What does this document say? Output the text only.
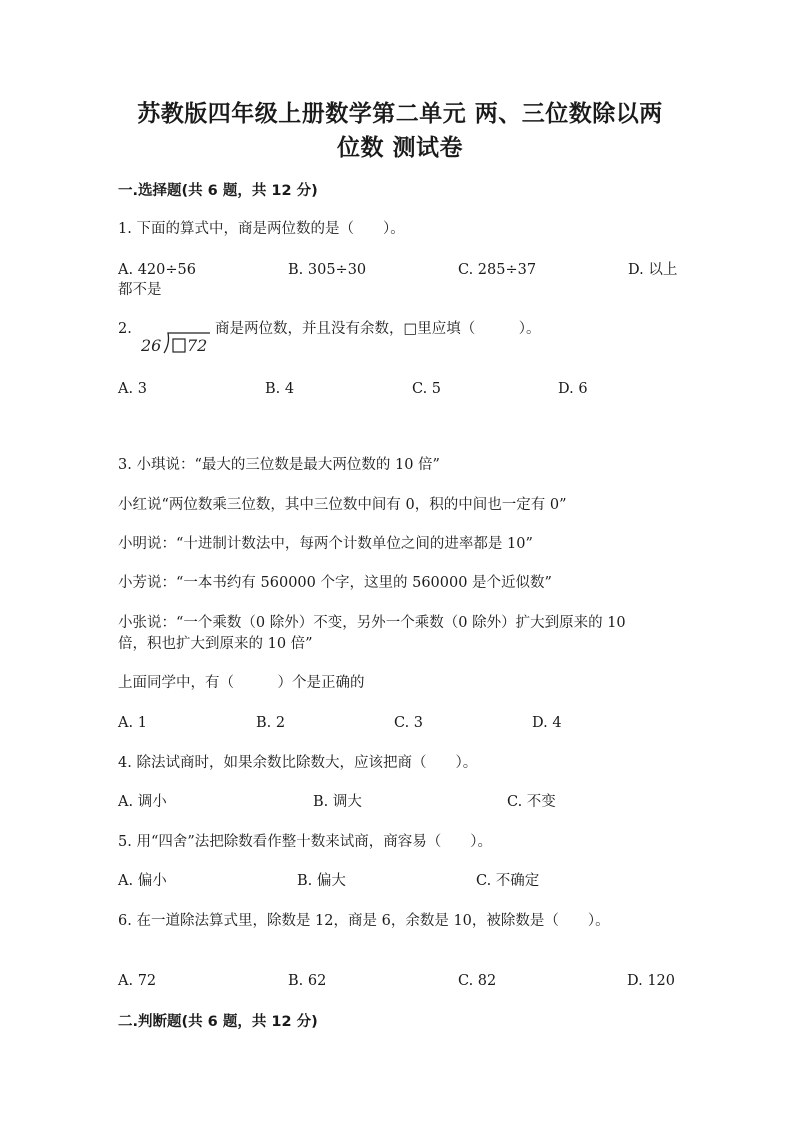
苏教版四年级上册数学第二单元 两、三位数除以两
位数 测试卷
一.选择题(共 6 题，共 12 分)
1. 下面的算式中，商是两位数的是（　　）。
A. 420÷56	B. 305÷30	C. 285÷37	D. 以上
都不是
2.
26 72
商是两位数，并且没有余数，□里应填（　　　）。
A. 3	B. 4	C. 5	D. 6
3. 小琪说：“最大的三位数是最大两位数的 10 倍”
小红说“两位数乘三位数，其中三位数中间有 0，积的中间也一定有 0”
小明说：“十进制计数法中，每两个计数单位之间的进率都是 10”
小芳说：“一本书约有 560000 个字，这里的 560000 是个近似数”
小张说：“一个乘数（0 除外）不变，另外一个乘数（0 除外）扩大到原来的 10
倍，积也扩大到原来的 10 倍”
上面同学中，有（　　　）个是正确的
A. 1	B. 2	C. 3	D. 4
4. 除法试商时，如果余数比除数大，应该把商（　　）。
A. 调小	B. 调大	C. 不变
5. 用“四舍”法把除数看作整十数来试商，商容易（　　）。
A. 偏小	B. 偏大	C. 不确定
6. 在一道除法算式里，除数是 12，商是 6，余数是 10，被除数是（　　）。
A. 72	B. 62	C. 82	D. 120
二.判断题(共 6 题，共 12 分)
